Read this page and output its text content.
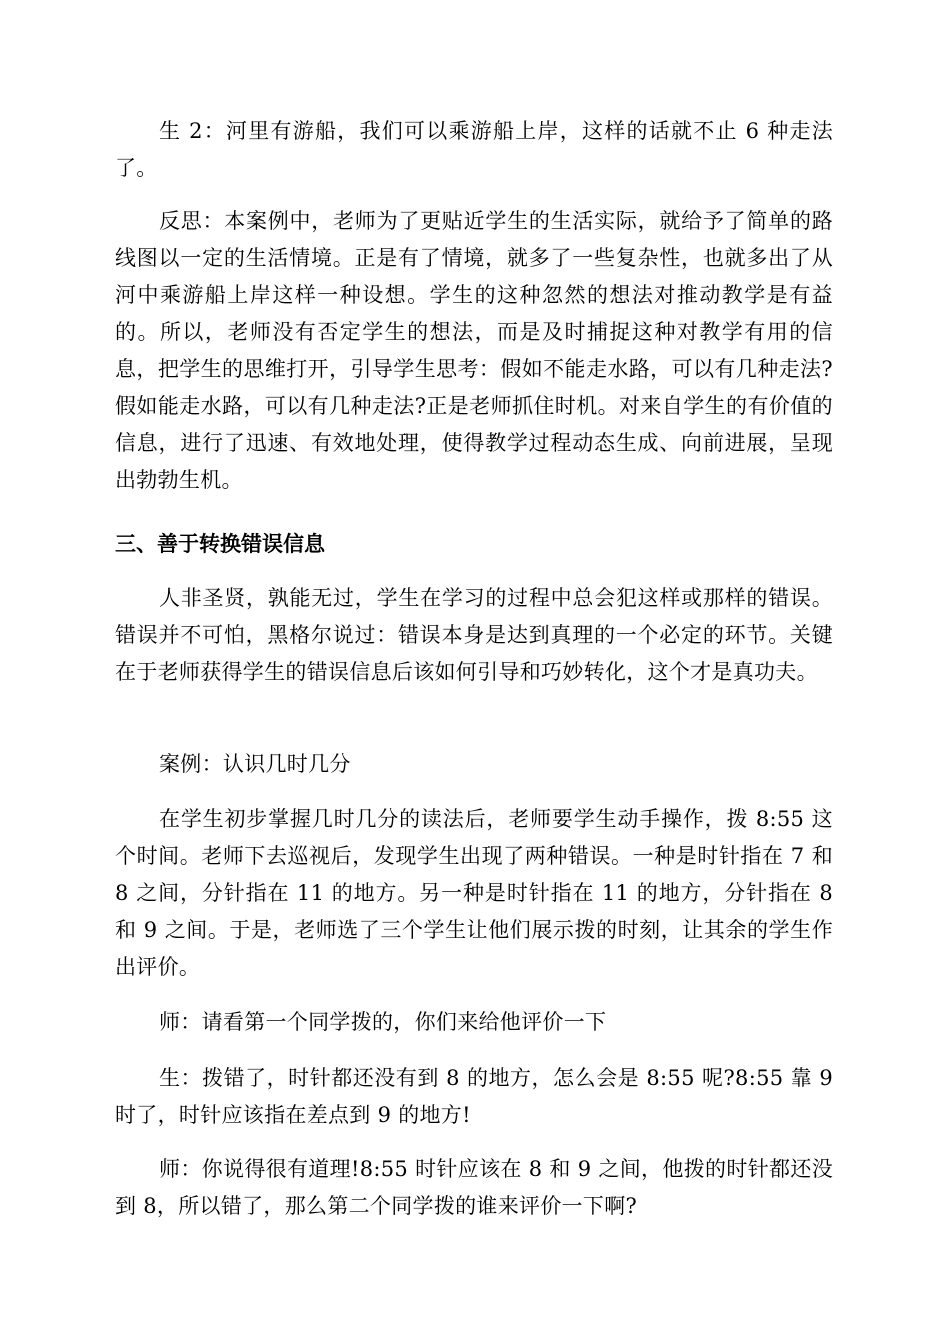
生 2：河里有游船，我们可以乘游船上岸，这样的话就不止 6 种走法了。

反思：本案例中，老师为了更贴近学生的生活实际，就给予了简单的路线图以一定的生活情境。正是有了情境，就多了一些复杂性，也就多出了从河中乘游船上岸这样一种设想。学生的这种忽然的想法对推动教学是有益的。所以，老师没有否定学生的想法，而是及时捕捉这种对教学有用的信息，把学生的思维打开，引导学生思考：假如不能走水路，可以有几种走法?假如能走水路，可以有几种走法?正是老师抓住时机。对来自学生的有价值的信息，进行了迅速、有效地处理，使得教学过程动态生成、向前进展，呈现出勃勃生机。

三、善于转换错误信息

人非圣贤，孰能无过，学生在学习的过程中总会犯这样或那样的错误。错误并不可怕，黑格尔说过：错误本身是达到真理的一个必定的环节。关键在于老师获得学生的错误信息后该如何引导和巧妙转化，这个才是真功夫。

案例：认识几时几分

在学生初步掌握几时几分的读法后，老师要学生动手操作，拨 8:55 这个时间。老师下去巡视后，发现学生出现了两种错误。一种是时针指在 7 和 8 之间，分针指在 11 的地方。另一种是时针指在 11 的地方，分针指在 8 和 9 之间。于是，老师选了三个学生让他们展示拨的时刻，让其余的学生作出评价。

师：请看第一个同学拨的，你们来给他评价一下

生：拨错了，时针都还没有到 8 的地方，怎么会是 8:55 呢?8:55 靠 9 时了，时针应该指在差点到 9 的地方!

师：你说得很有道理!8:55 时针应该在 8 和 9 之间，他拨的时针都还没到 8，所以错了，那么第二个同学拨的谁来评价一下啊?
